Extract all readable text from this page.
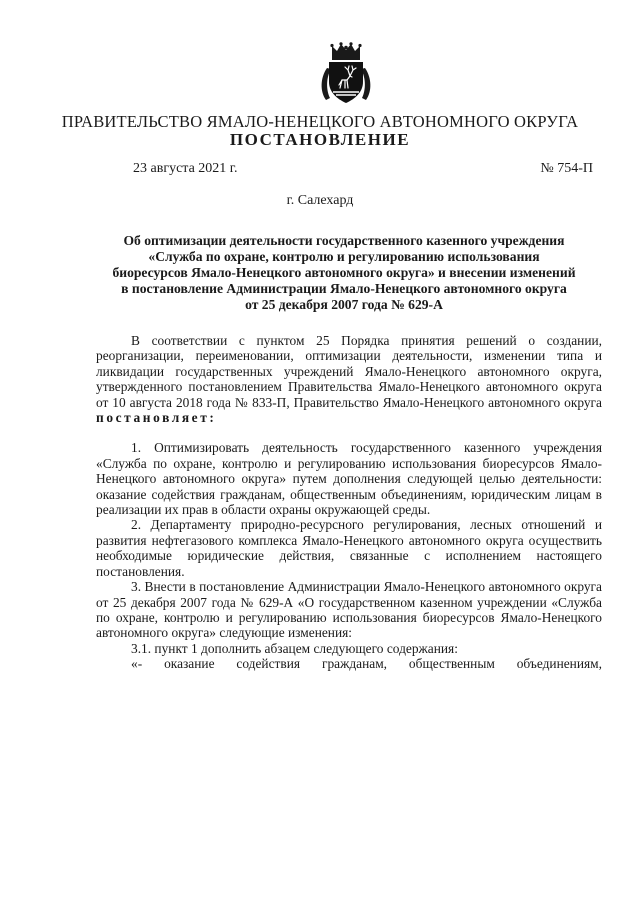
ПРАВИТЕЛЬСТВО ЯМАЛО-НЕНЕЦКОГО АВТОНОМНОГО ОКРУГА
ПОСТАНОВЛЕНИЕ
23 августа 2021 г.	№ 754-П
г. Салехард
Об оптимизации деятельности государственного казенного учреждения
«Служба по охране, контролю и регулированию использования
биоресурсов Ямало-Ненецкого автономного округа» и внесении изменений
в постановление Администрации Ямало-Ненецкого автономного округа
от 25 декабря 2007 года № 629-А

В соответствии с пунктом 25 Порядка принятия решений о создании, реорганизации, переименовании, оптимизации деятельности, изменении типа и ликвидации государственных учреждений Ямало-Ненецкого автономного округа, утвержденного постановлением Правительства Ямало-Ненецкого автономного округа от 10 августа 2018 года № 833-П, Правительство Ямало-Ненецкого автономного округа постановляет:

1. Оптимизировать деятельность государственного казенного учреждения «Служба по охране, контролю и регулированию использования биоресурсов Ямало-Ненецкого автономного округа» путем дополнения следующей целью деятельности: оказание содействия гражданам, общественным объединениям, юридическим лицам в реализации их прав в области охраны окружающей среды.

2. Департаменту природно-ресурсного регулирования, лесных отношений и развития нефтегазового комплекса Ямало-Ненецкого автономного округа осуществить необходимые юридические действия, связанные с исполнением настоящего постановления.

3. Внести в постановление Администрации Ямало-Ненецкого автономного округа от 25 декабря 2007 года № 629-А «О государственном казенном учреждении «Служба по охране, контролю и регулированию использования биоресурсов Ямало-Ненецкого автономного округа» следующие изменения:

3.1. пункт 1 дополнить абзацем следующего содержания:

«- оказание содействия гражданам, общественным объединениям,
